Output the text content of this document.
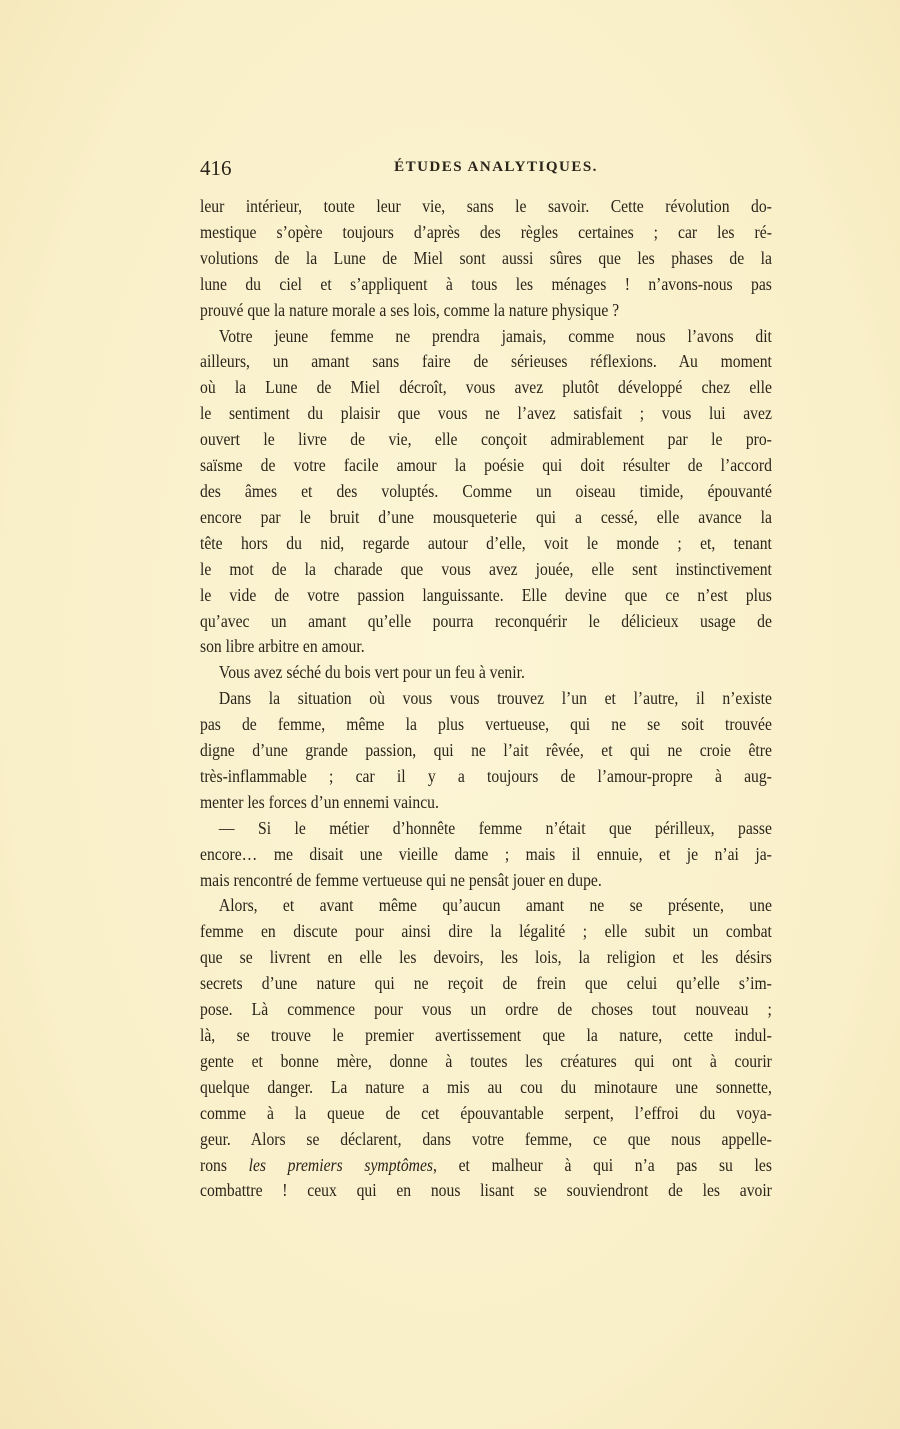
416	ÉTUDES ANALYTIQUES.
leur intérieur, toute leur vie, sans le savoir. Cette révolution do-
mestique s’opère toujours d’après des règles certaines ; car les ré-
volutions de la Lune de Miel sont aussi sûres que les phases de la
lune du ciel et s’appliquent à tous les ménages ! n’avons-nous pas
prouvé que la nature morale a ses lois, comme la nature physique ?
Votre jeune femme ne prendra jamais, comme nous l’avons dit
ailleurs, un amant sans faire de sérieuses réflexions. Au moment
où la Lune de Miel décroît, vous avez plutôt développé chez elle
le sentiment du plaisir que vous ne l’avez satisfait ; vous lui avez
ouvert le livre de vie, elle conçoit admirablement par le pro-
saïsme de votre facile amour la poésie qui doit résulter de l’accord
des âmes et des voluptés. Comme un oiseau timide, épouvanté
encore par le bruit d’une mousqueterie qui a cessé, elle avance la
tête hors du nid, regarde autour d’elle, voit le monde ; et, tenant
le mot de la charade que vous avez jouée, elle sent instinctivement
le vide de votre passion languissante. Elle devine que ce n’est plus
qu’avec un amant qu’elle pourra reconquérir le délicieux usage de
son libre arbitre en amour.
Vous avez séché du bois vert pour un feu à venir.
Dans la situation où vous vous trouvez l’un et l’autre, il n’existe
pas de femme, même la plus vertueuse, qui ne se soit trouvée
digne d’une grande passion, qui ne l’ait rêvée, et qui ne croie être
très-inflammable ; car il y a toujours de l’amour-propre à aug-
menter les forces d’un ennemi vaincu.
— Si le métier d’honnête femme n’était que périlleux, passe
encore… me disait une vieille dame ; mais il ennuie, et je n’ai ja-
mais rencontré de femme vertueuse qui ne pensât jouer en dupe.
Alors, et avant même qu’aucun amant ne se présente, une
femme en discute pour ainsi dire la légalité ; elle subit un combat
que se livrent en elle les devoirs, les lois, la religion et les désirs
secrets d’une nature qui ne reçoit de frein que celui qu’elle s’im-
pose. Là commence pour vous un ordre de choses tout nouveau ;
là, se trouve le premier avertissement que la nature, cette indul-
gente et bonne mère, donne à toutes les créatures qui ont à courir
quelque danger. La nature a mis au cou du minotaure une sonnette,
comme à la queue de cet épouvantable serpent, l’effroi du voya-
geur. Alors se déclarent, dans votre femme, ce que nous appelle-
rons les premiers symptômes, et malheur à qui n’a pas su les
combattre ! ceux qui en nous lisant se souviendront de les avoir
